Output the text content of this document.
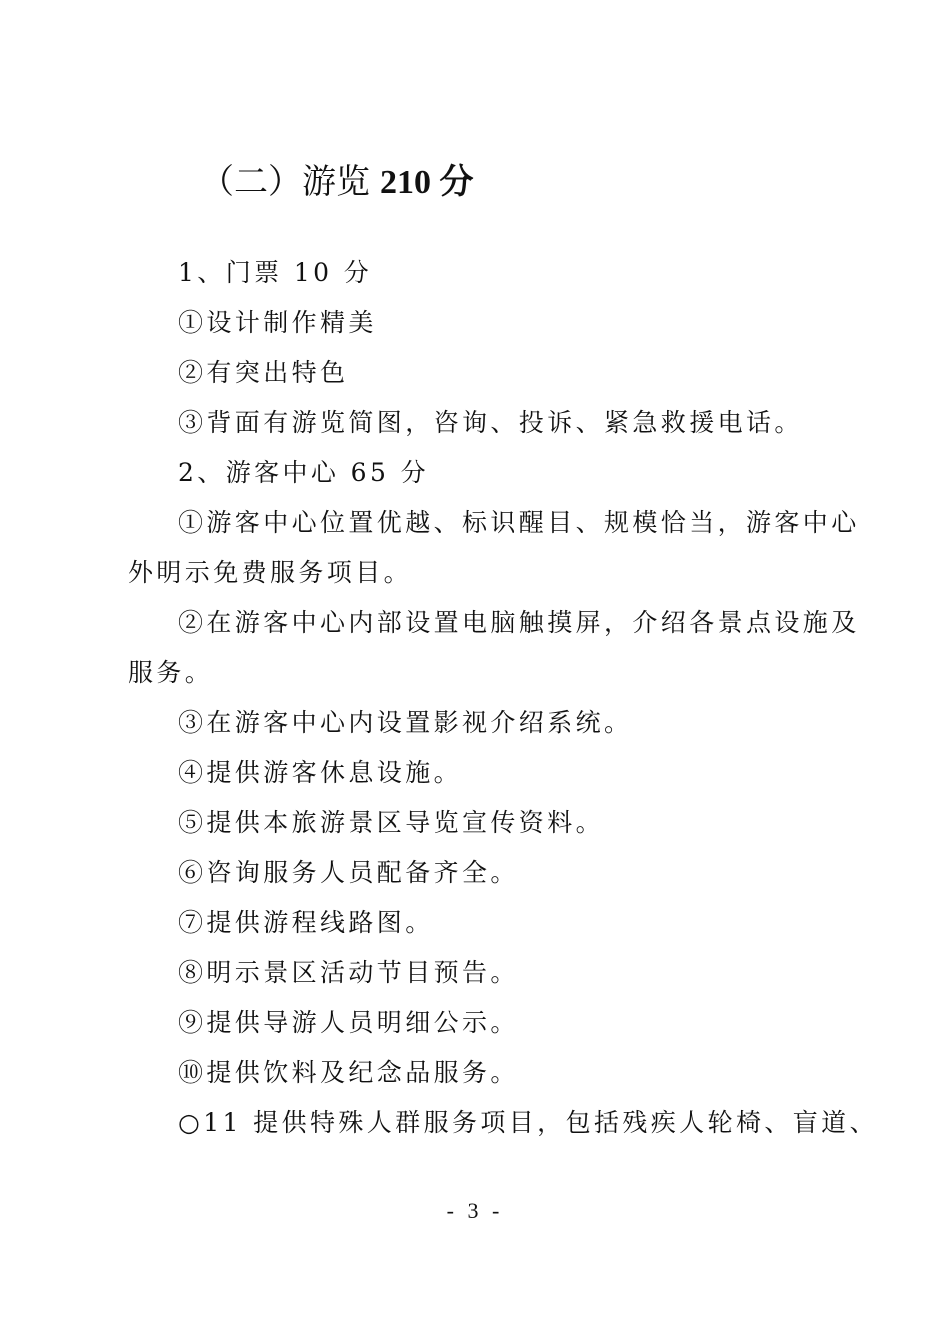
（二）游览 210 分
1、门票 10 分
①设计制作精美
②有突出特色
③背面有游览简图，咨询、投诉、紧急救援电话。
2、游客中心 65 分
①游客中心位置优越、标识醒目、规模恰当，游客中心
外明示免费服务项目。
②在游客中心内部设置电脑触摸屏，介绍各景点设施及
服务。
③在游客中心内设置影视介绍系统。
④提供游客休息设施。
⑤提供本旅游景区导览宣传资料。
⑥咨询服务人员配备齐全。
⑦提供游程线路图。
⑧明示景区活动节目预告。
⑨提供导游人员明细公示。
⑩提供饮料及纪念品服务。
○11 提供特殊人群服务项目，包括残疾人轮椅、盲道、
- 3 -
